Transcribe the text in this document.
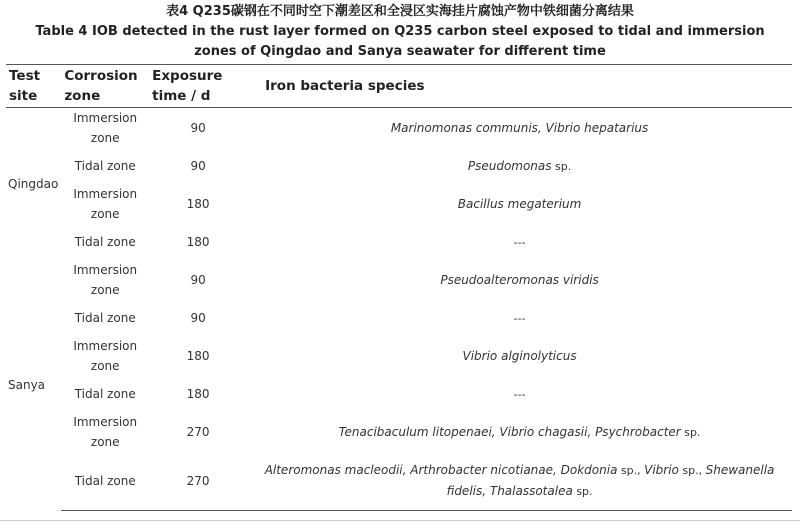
表4 Q235碳钢在不同时空下潮差区和全浸区实海挂片腐蚀产物中铁细菌分离结果
Table 4 IOB detected in the rust layer formed on Q235 carbon steel exposed to tidal and immersion zones of Qingdao and Sanya seawater for different time
Test site	Corrosion zone	Exposure time / d	Iron bacteria species
Qingdao	Immersion zone	90	Marinomonas communis, Vibrio hepatarius
	Tidal zone	90	Pseudomonas sp.
	Immersion zone	180	Bacillus megaterium
	Tidal zone	180	---
Sanya	Immersion zone	90	Pseudoalteromonas viridis
	Tidal zone	90	---
	Immersion zone	180	Vibrio alginolyticus
	Tidal zone	180	---
	Immersion zone	270	Tenacibaculum litopenaei, Vibrio chagasii, Psychrobacter sp.
	Tidal zone	270	Alteromonas macleodii, Arthrobacter nicotianae, Dokdonia sp., Vibrio sp., Shewanella fidelis, Thalassotalea sp.
